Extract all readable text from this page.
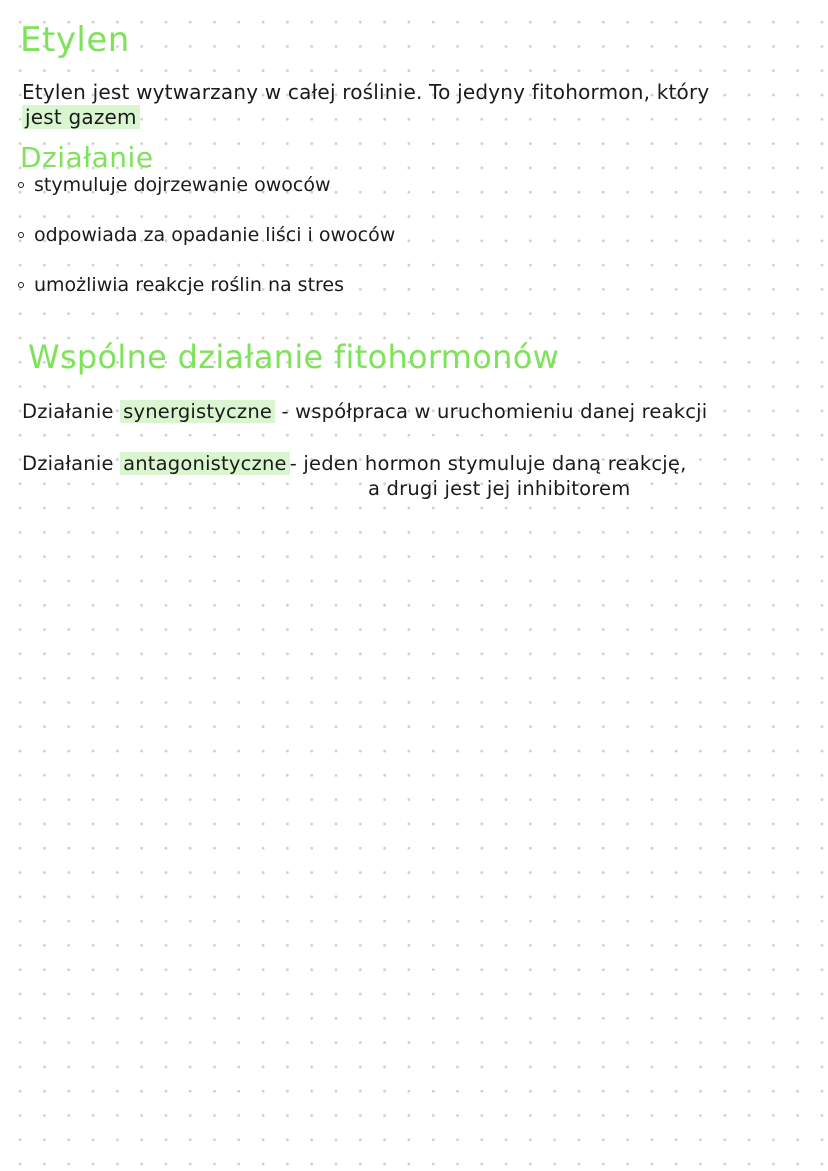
Etylen

Etylen jest wytwarzany w całej roślinie. To jedyny fitohormon, który

jest gazem

Działanie
stymuluje dojrzewanie owoców
odpowiada za opadanie liści i owoców
umożliwia reakcje roślin na stres
Wspólne działanie fitohormonów

Działanie synergistyczne - współpraca w uruchomieniu danej reakcji

Działanie antagonistyczne - jeden hormon stymuluje daną reakcję,

a drugi jest jej inhibitorem
